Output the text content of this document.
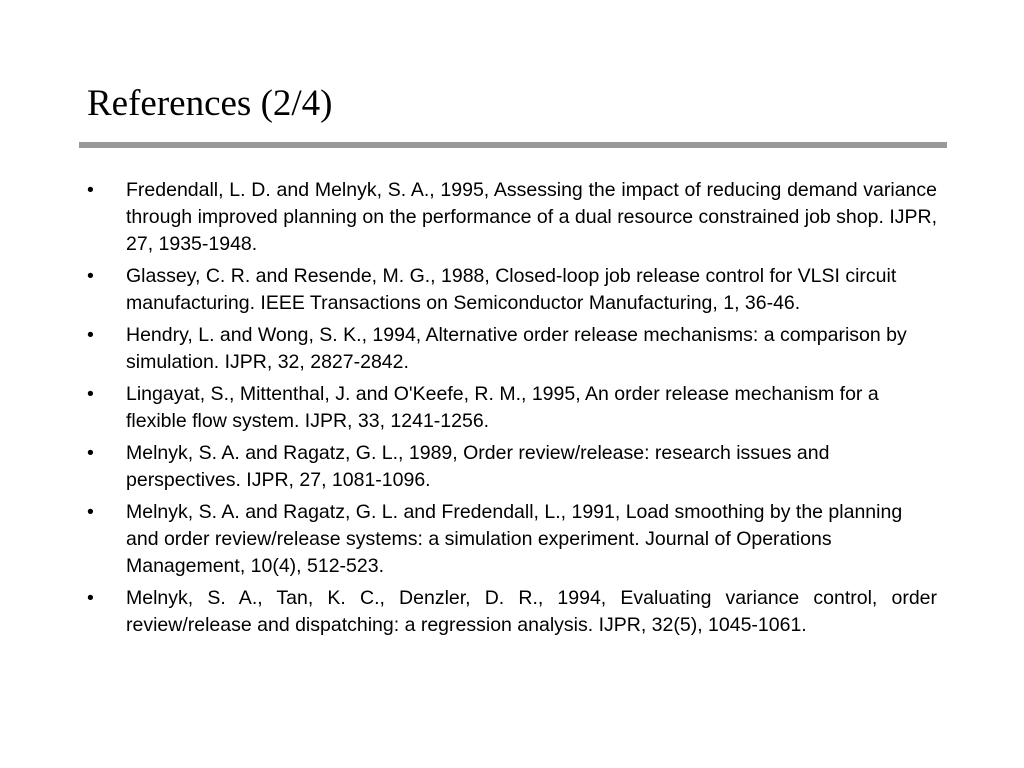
References (2/4)
•	Fredendall, L. D. and Melnyk, S. A., 1995, Assessing the impact of reducing demand variance through improved planning on the performance of a dual resource constrained job shop. IJPR, 27, 1935-1948.
•	Glassey, C. R. and Resende, M. G., 1988, Closed-loop job release control for VLSI circuit manufacturing. IEEE Transactions on Semiconductor Manufacturing, 1, 36-46.
•	Hendry, L. and Wong, S. K., 1994, Alternative order release mechanisms: a comparison by simulation. IJPR, 32, 2827-2842.
•	Lingayat, S., Mittenthal, J. and O'Keefe, R. M., 1995, An order release mechanism for a flexible flow system. IJPR, 33, 1241-1256.
•	Melnyk, S. A. and Ragatz, G. L., 1989, Order review/release: research issues and perspectives. IJPR, 27, 1081-1096.
•	Melnyk, S. A. and Ragatz, G. L. and Fredendall, L., 1991, Load smoothing by the planning and order review/release systems: a simulation experiment. Journal of Operations Management, 10(4), 512-523.
•	Melnyk, S. A., Tan, K. C., Denzler, D. R., 1994, Evaluating variance control, order review/release and dispatching: a regression analysis. IJPR, 32(5), 1045-1061.
